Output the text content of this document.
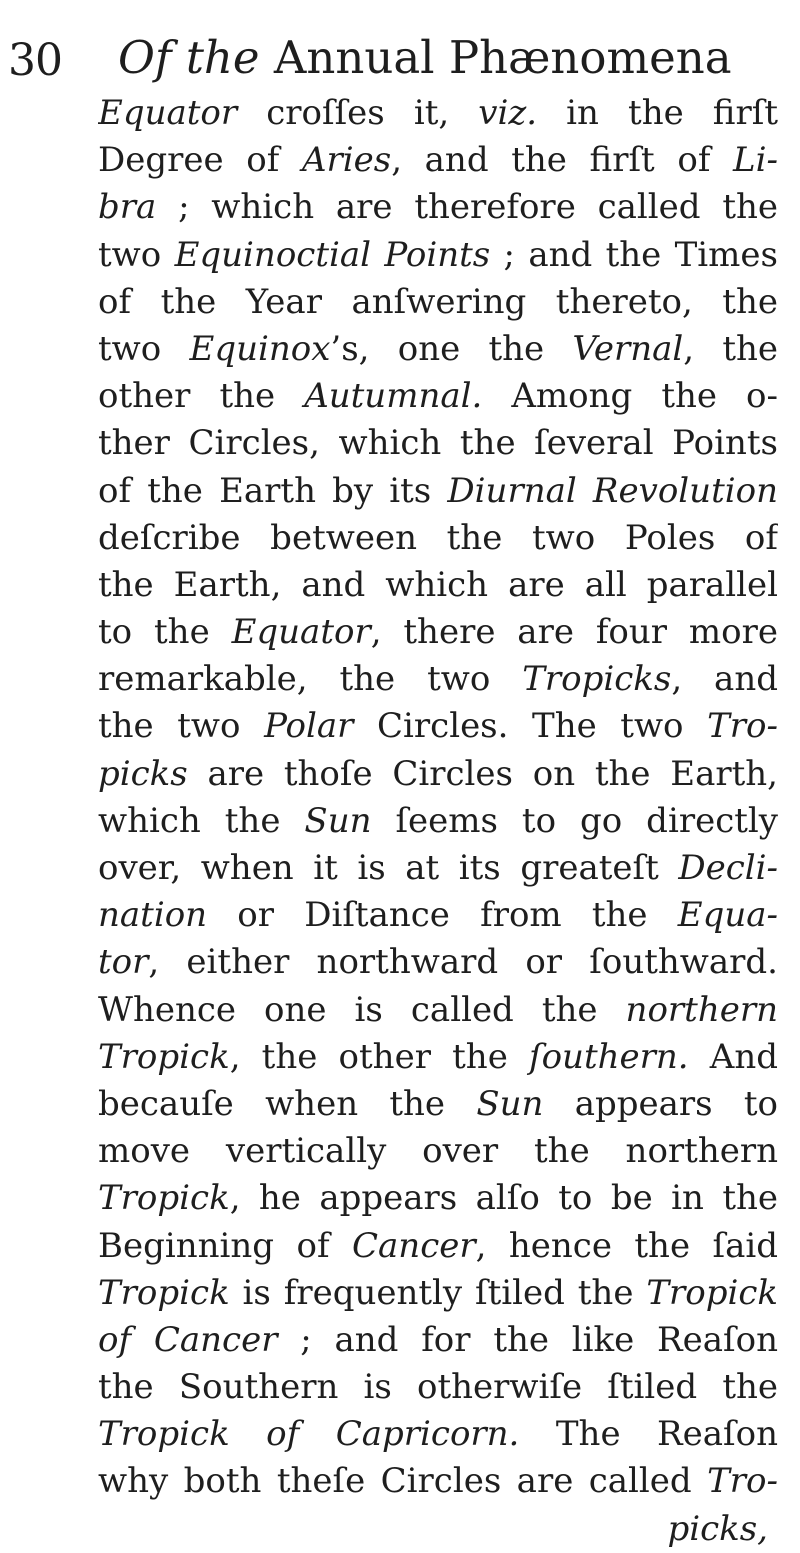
30 Of the Annual Phænomena
Equator croſſes it, viz. in the firſt
Degree of Aries, and the firſt of Li-
bra ; which are therefore called the
two Equinoctial Points ; and the Times
of the Year anſwering thereto, the
two Equinox’s, one the Vernal, the
other the Autumnal. Among the o-
ther Circles, which the ſeveral Points
of the Earth by its Diurnal Revolution
deſcribe between the two Poles of
the Earth, and which are all parallel
to the Equator, there are four more
remarkable, the two Tropicks, and
the two Polar Circles. The two Tro-
picks are thoſe Circles on the Earth,
which the Sun ſeems to go directly
over, when it is at its greateſt Decli-
nation or Diſtance from the Equa-
tor, either northward or ſouthward.
Whence one is called the northern
Tropick, the other the ſouthern. And
becauſe when the Sun appears to
move vertically over the northern
Tropick, he appears alſo to be in the
Beginning of Cancer, hence the ſaid
Tropick is frequently ſtiled the Tropick
of Cancer ; and for the like Reaſon
the Southern is otherwiſe ſtiled the
Tropick of Capricorn. The Reaſon
why both theſe Circles are called Tro-
picks,
